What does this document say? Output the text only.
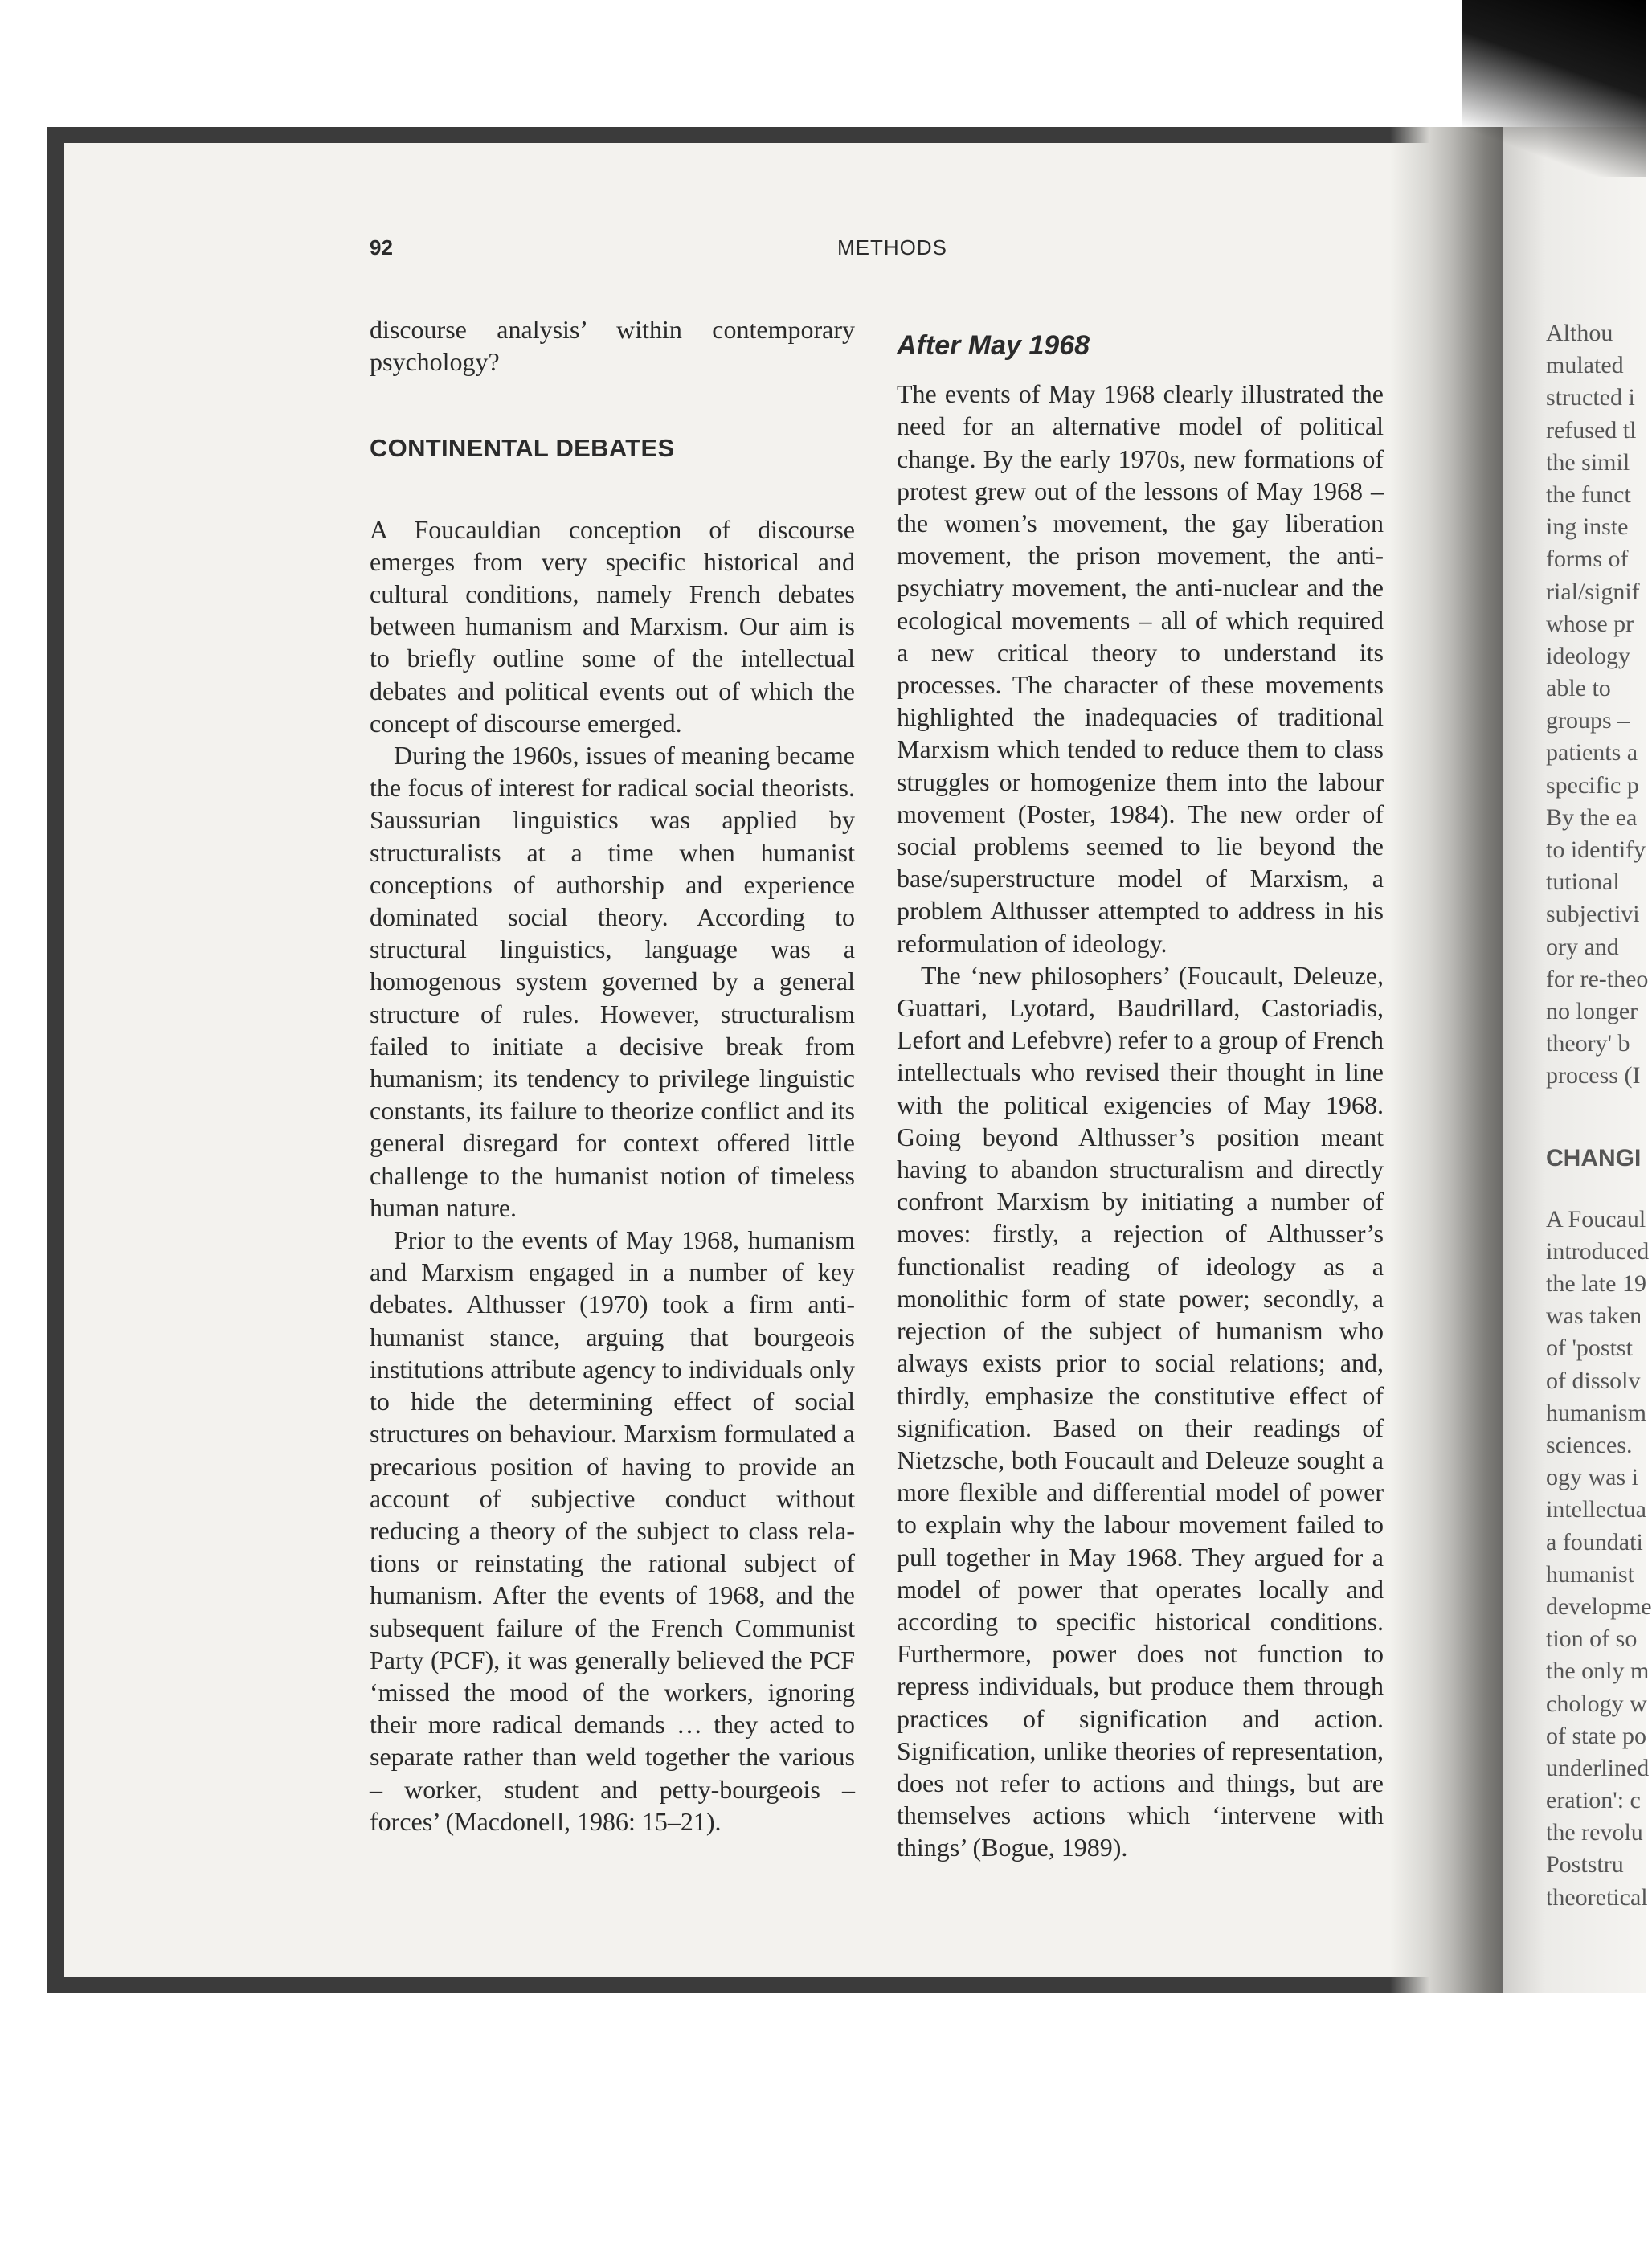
92	METHODS

discourse analysis’ within contemporary psychology?

CONTINENTAL DEBATES

A Foucauldian conception of discourse emerges from very specific historical and cultural conditions, namely French debates between humanism and Marxism. Our aim is to briefly outline some of the intellectual debates and political events out of which the concept of discourse emerged.

During the 1960s, issues of meaning became the focus of interest for radical social theorists. Saussurian linguistics was applied by structuralists at a time when humanist conceptions of authorship and experience dominated social theory. According to structural linguistics, language was a homogenous system governed by a general structure of rules. However, structuralism failed to initiate a decisive break from humanism; its tendency to privilege linguistic constants, its failure to theorize conflict and its general disregard for context offered little challenge to the humanist notion of timeless human nature.

Prior to the events of May 1968, humanism and Marxism engaged in a number of key debates. Althusser (1970) took a firm anti-humanist stance, arguing that bourgeois institutions attribute agency to individuals only to hide the determining effect of social structures on behaviour. Marxism formulated a precarious position of having to provide an account of subjective conduct without reducing a theory of the subject to class relations or reinstating the rational subject of humanism. After the events of 1968, and the subsequent failure of the French Communist Party (PCF), it was generally believed the PCF ‘missed the mood of the workers, ignoring their more radical demands … they acted to separate rather than weld together the various – worker, student and petty-bourgeois – forces’ (Macdonell, 1986: 15–21).

After May 1968

The events of May 1968 clearly illustrated the need for an alternative model of political change. By the early 1970s, new formations of protest grew out of the lessons of May 1968 – the women’s movement, the gay liberation movement, the prison movement, the anti-psychiatry movement, the anti-nuclear and the ecological movements – all of which required a new critical theory to understand its processes. The character of these movements highlighted the inadequacies of traditional Marxism which tended to reduce them to class struggles or homogenize them into the labour movement (Poster, 1984). The new order of social problems seemed to lie beyond the base/superstructure model of Marxism, a problem Althusser attempted to address in his reformulation of ideology.

The ‘new philosophers’ (Foucault, Deleuze, Guattari, Lyotard, Baudrillard, Castoriadis, Lefort and Lefebvre) refer to a group of French intellectuals who revised their thought in line with the political exigencies of May 1968. Going beyond Althusser’s position meant having to abandon structuralism and directly confront Marxism by initiating a number of moves: firstly, a rejection of Althusser’s functionalist reading of ideology as a monolithic form of state power; secondly, a rejection of the subject of humanism who always exists prior to social relations; and, thirdly, emphasize the constitutive effect of signification. Based on their readings of Nietzsche, both Foucault and Deleuze sought a more flexible and differential model of power to explain why the labour movement failed to pull together in May 1968. They argued for a model of power that operates locally and according to specific historical conditions. Furthermore, power does not function to repress individuals, but produce them through practices of signification and action. Signification, unlike theories of representation, does not refer to actions and things, but are themselves actions which ‘intervene with things’ (Bogue, 1989).

Althou
mulated
structed i
refused tl
the simil
the funct
ing inste
forms of
rial/signif
whose pr
ideology
able to
groups –
patients a
specific p
By the ea
to identify
tutional
subjectivi
ory and
for re-theo
no longer
theory' b
process (I
CHANGI
A Foucaul
introduced
the late 19
was taken
of 'postst
of dissolv
humanism
sciences.
ogy was i
intellectua
a foundati
humanist
developme
tion of so
the only m
chology w
of state po
underlined
eration': c
the revolu
Poststru
theoretical
